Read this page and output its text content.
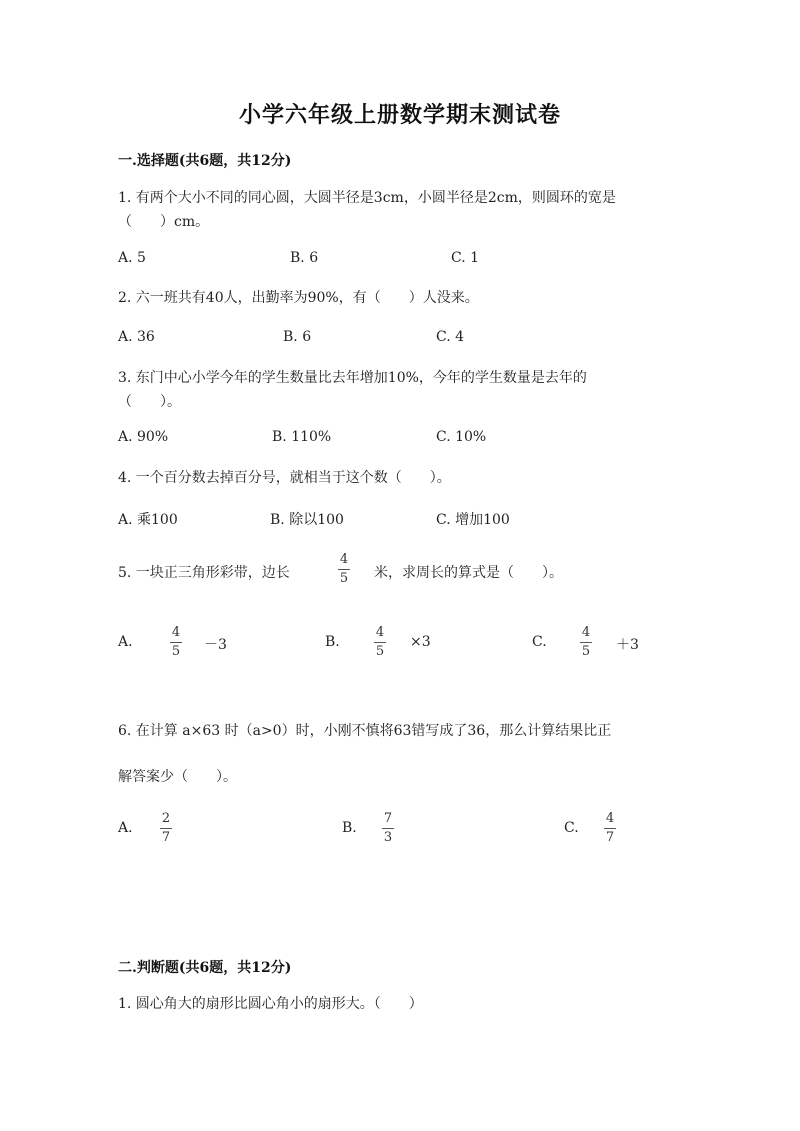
小学六年级上册数学期末测试卷
一.选择题(共6题，共12分)
1. 有两个大小不同的同心圆，大圆半径是3cm，小圆半径是2cm，则圆环的宽是
（　　）cm。
A. 5	B. 6	C. 1
2. 六一班共有40人，出勤率为90%，有（　　）人没来。
A. 36	B. 6	C. 4
3. 东门中心小学今年的学生数量比去年增加10%，今年的学生数量是去年的
（　　）。
A. 90%	B. 110%	C. 10%
4. 一个百分数去掉百分号，就相当于这个数（　　）。
A. 乘100	B. 除以100	C. 增加100
5. 一块正三角形彩带，边长
4
5 米，求周长的算式是（　　）。
A.
4
5 －3	B.
4
5
×3	C.
4
5 ＋3
6. 在计算 a×63 时（a>0）时，小刚不慎将63错写成了36，那么计算结果比正
解答案少（　　）。
A.
2
7
B.
7
3
C.
4
7
二.判断题(共6题，共12分)
1. 圆心角大的扇形比圆心角小的扇形大。（　　）
